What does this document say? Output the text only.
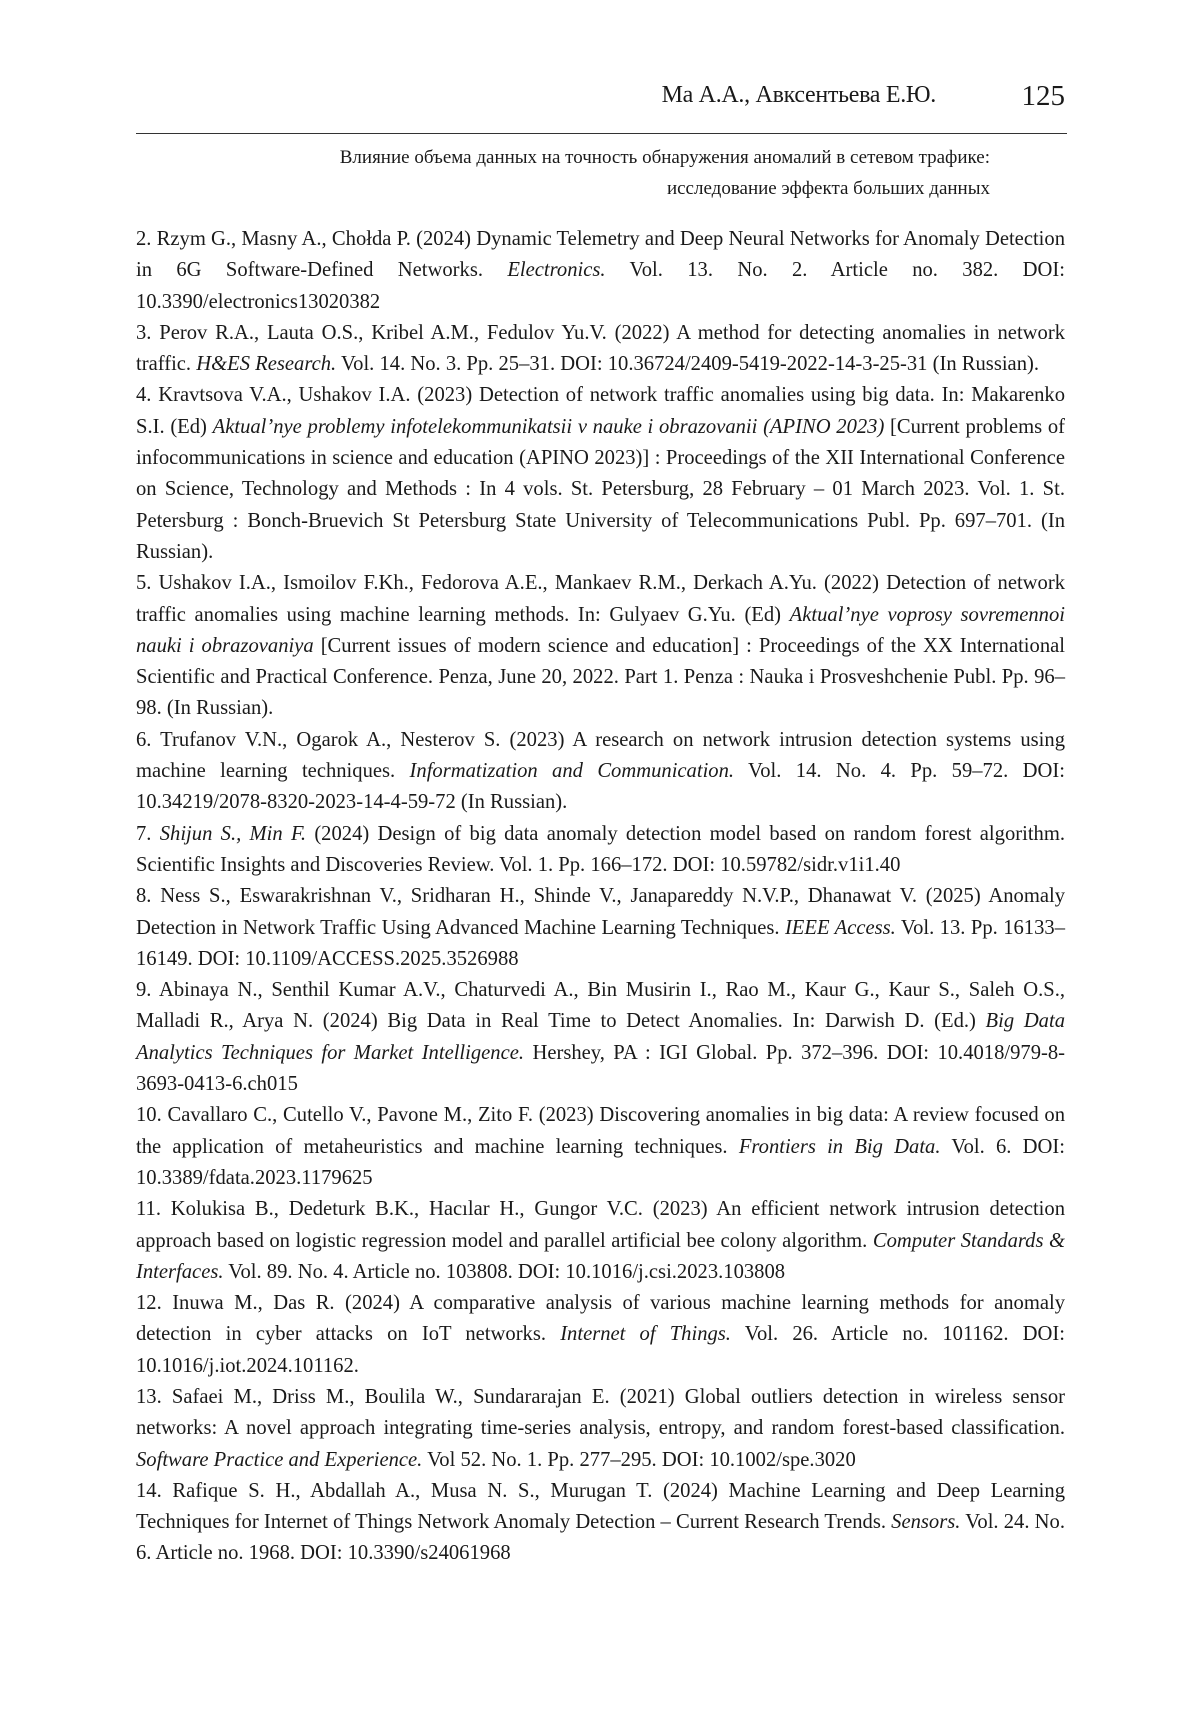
Ма А.А., Авксентьева Е.Ю.	125
Влияние объема данных на точность обнаружения аномалий в сетевом трафике:
исследование эффекта больших данных

2. Rzym G., Masny A., Chołda P. (2024) Dynamic Telemetry and Deep Neural Networks for Anomaly Detection in 6G Software-Defined Networks. Electronics. Vol. 13. No. 2. Article no. 382. DOI: 10.3390/electronics13020382

3. Perov R.A., Lauta O.S., Kribel A.M., Fedulov Yu.V. (2022) A method for detecting anomalies in network traffic. H&ES Research. Vol. 14. No. 3. Pp. 25–31. DOI: 10.36724/2409-5419-2022-14-3-25-31 (In Russian).

4. Kravtsova V.A., Ushakov I.A. (2023) Detection of network traffic anomalies using big data. In: Makarenko S.I. (Ed) Aktual’nye problemy infotelekommunikatsii v nauke i obrazovanii (APINO 2023) [Current problems of infocommunications in science and education (APINO 2023)] : Proceedings of the XII International Conference on Science, Technology and Methods : In 4 vols. St. Petersburg, 28 February – 01 March 2023. Vol. 1. St. Petersburg : Bonch-Bruevich St Petersburg State University of Telecommunications Publ. Pp. 697–701. (In Russian).

5. Ushakov I.A., Ismoilov F.Kh., Fedorova A.E., Mankaev R.M., Derkach A.Yu. (2022) Detection of network traffic anomalies using machine learning methods. In: Gulyaev G.Yu. (Ed) Aktual’nye voprosy sovremennoi nauki i obrazovaniya [Current issues of modern science and education] : Proceedings of the XX International Scientific and Practical Conference. Penza, June 20, 2022. Part 1. Penza : Nauka i Prosveshchenie Publ. Pp. 96–98. (In Russian).

6. Trufanov V.N., Ogarok A., Nesterov S. (2023) A research on network intrusion detection systems using machine learning techniques. Informatization and Communication. Vol. 14. No. 4. Pp. 59–72. DOI: 10.34219/2078-8320-2023-14-4-59-72 (In Russian).

7. Shijun S., Min F. (2024) Design of big data anomaly detection model based on random forest algorithm. Scientific Insights and Discoveries Review. Vol. 1. Pp. 166–172. DOI: 10.59782/sidr.v1i1.40

8. Ness S., Eswarakrishnan V., Sridharan H., Shinde V., Janapareddy N.V.P., Dhanawat V. (2025) Anomaly Detection in Network Traffic Using Advanced Machine Learning Techniques. IEEE Access. Vol. 13. Pp. 16133–16149. DOI: 10.1109/ACCESS.2025.3526988

9. Abinaya N., Senthil Kumar A.V., Chaturvedi A., Bin Musirin I., Rao M., Kaur G., Kaur S., Saleh O.S., Malladi R., Arya N. (2024) Big Data in Real Time to Detect Anomalies. In: Darwish D. (Ed.) Big Data Analytics Techniques for Market Intelligence. Hershey, PA : IGI Global. Pp. 372–396. DOI: 10.4018/979-8-3693-0413-6.ch015

10. Cavallaro C., Cutello V., Pavone M., Zito F. (2023) Discovering anomalies in big data: A review focused on the application of metaheuristics and machine learning techniques. Frontiers in Big Data. Vol. 6. DOI: 10.3389/fdata.2023.1179625

11. Kolukisa B., Dedeturk B.K., Hacılar H., Gungor V.C. (2023) An efficient network intrusion detection approach based on logistic regression model and parallel artificial bee colony algorithm. Computer Standards & Interfaces. Vol. 89. No. 4. Article no. 103808. DOI: 10.1016/j.csi.2023.103808

12. Inuwa M., Das R. (2024) A comparative analysis of various machine learning methods for anomaly detection in cyber attacks on IoT networks. Internet of Things. Vol. 26. Article no. 101162. DOI: 10.1016/j.iot.2024.101162.

13. Safaei M., Driss M., Boulila W., Sundararajan E. (2021) Global outliers detection in wireless sensor networks: A novel approach integrating time-series analysis, entropy, and random forest-based classification. Software Practice and Experience. Vol 52. No. 1. Pp. 277–295. DOI: 10.1002/spe.3020

14. Rafique S. H., Abdallah A., Musa N. S., Murugan T. (2024) Machine Learning and Deep Learning Techniques for Internet of Things Network Anomaly Detection – Current Research Trends. Sensors. Vol. 24. No. 6. Article no. 1968. DOI: 10.3390/s24061968
